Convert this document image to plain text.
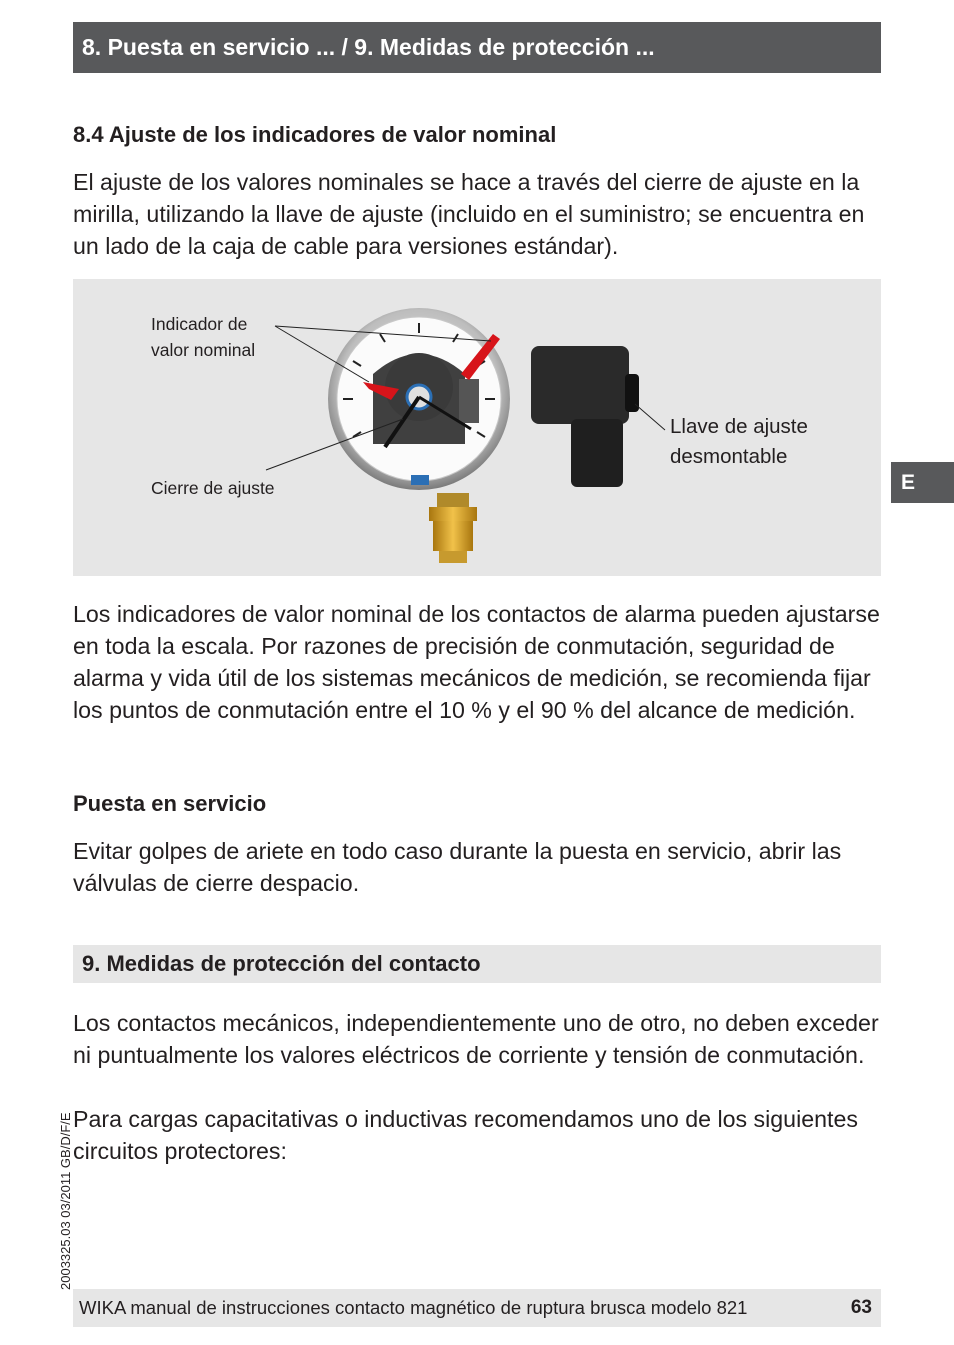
8. Puesta en servicio ... / 9. Medidas de protección ...
8.4 Ajuste de los indicadores de valor nominal

El ajuste de los valores nominales se hace a través del cierre de ajuste en la mirilla, utilizando la llave de ajuste (incluido en el suministro; se encuentra en un lado de la caja de cable para versiones estándar).

Indicador de
valor nominal
Cierre de ajuste
Llave de ajuste
desmontable

Los indicadores de valor nominal de los contactos de alarma pueden ajustarse en toda la escala. Por razones de precisión de conmutación, seguridad de alarma y vida útil de los sistemas mecánicos de medición, se recomienda fijar los puntos de conmutación entre el 10 % y el 90 % del alcance de medición.

Puesta en servicio

Evitar golpes de ariete en todo caso durante la puesta en servicio, abrir las válvulas de cierre despacio.

9. Medidas de protección del contacto

Los contactos mecánicos, independientemente uno de otro, no deben exceder ni puntualmente los valores eléctricos de corriente y tensión de conmutación.

Para cargas capacitativas o inductivas recomendamos uno de los siguientes circuitos protectores:

E
2003325.03 03/2011 GB/D/F/E
WIKA manual de instrucciones contacto magnético de ruptura brusca modelo 821	63
